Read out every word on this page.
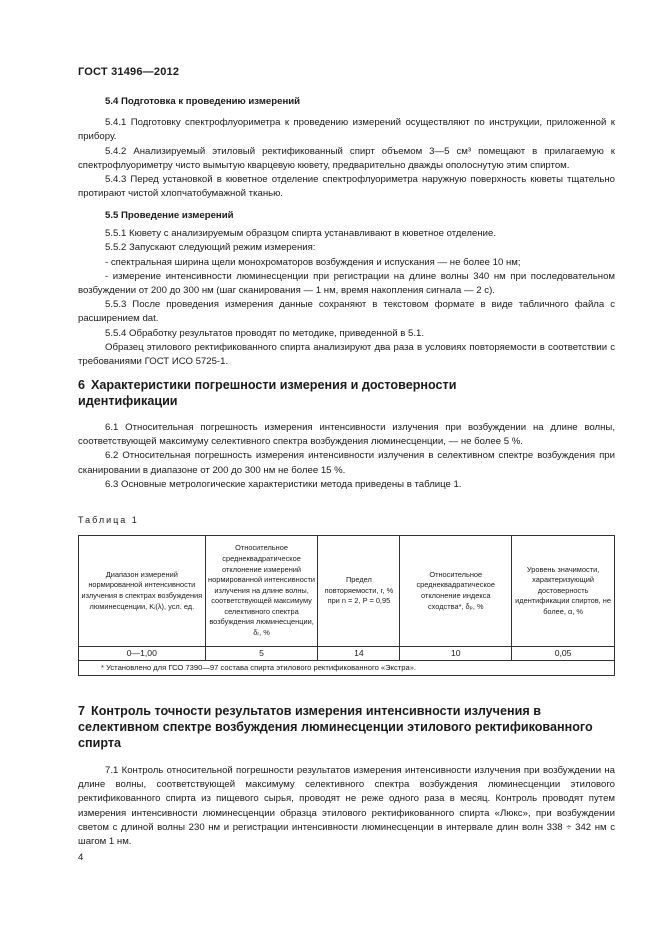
ГОСТ 31496—2012

5.4 Подготовка к проведению измерений

5.4.1 Подготовку спектрофлуориметра к проведению измерений осуществляют по инструкции, приложенной к прибору.

5.4.2 Анализируемый этиловый ректификованный спирт объемом 3—5 см³ помещают в прилагаемую к спектрофлуориметру чисто вымытую кварцевую кювету, предварительно дважды ополоснутую этим спиртом.

5.4.3 Перед установкой в кюветное отделение спектрофлуориметра наружную поверхность кюветы тщательно протирают чистой хлопчатобумажной тканью.

5.5 Проведение измерений

5.5.1 Кювету с анализируемым образцом спирта устанавливают в кюветное отделение.

5.5.2 Запускают следующий режим измерения:

- спектральная ширина щели монохроматоров возбуждения и испускания — не более 10 нм;

- измерение интенсивности люминесценции при регистрации на длине волны 340 нм при последовательном возбуждении от 200 до 300 нм (шаг сканирования — 1 нм, время накопления сигнала — 2 с).

5.5.3 После проведения измерения данные сохраняют в текстовом формате в виде табличного файла с расширением dat.

5.5.4 Обработку результатов проводят по методике, приведенной в 5.1.

Образец этилового ректификованного спирта анализируют два раза в условиях повторяемости в соответствии с требованиями ГОСТ ИСО 5725-1.

6 Характеристики погрешности измерения и достоверности идентификации

6.1 Относительная погрешность измерения интенсивности излучения при возбуждении на длине волны, соответствующей максимуму селективного спектра возбуждения люминесценции, — не более 5 %.

6.2 Относительная погрешность измерения интенсивности излучения в селективном спектре возбуждения при сканировании в диапазоне от 200 до 300 нм не более 15 %.

6.3 Основные метрологические характеристики метода приведены в таблице 1.

Таблица 1
Диапазон измерений нормированной интенсивности излучения в спектрах возбуждения люминесценции, Kᵢ(λ), усл. ед.	Относительное среднеквадратическое отклонение измерений нормированной интенсивности излучения на длине волны, соответствующей максимуму селективного спектра возбуждения люминесценции, δᵣ, %	Предел повторяемости, r, % при n = 2, P = 0,95	Относительное среднеквадратическое отклонение индекса сходства*, δₚ, %	Уровень значимости, характеризующий достоверность идентификации спиртов, не более, α, %
0—1,00	5	14	10	0,05
* Установлено для ГСО 7390—97 состава спирта этилового ректификованного «Экстра».				
7 Контроль точности результатов измерения интенсивности излучения в селективном спектре возбуждения люминесценции этилового ректификованного спирта

7.1 Контроль относительной погрешности результатов измерения интенсивности излучения при возбуждении на длине волны, соответствующей максимуму селективного спектра возбуждения люминесценции этилового ректификованного спирта из пищевого сырья, проводят не реже одного раза в месяц. Контроль проводят путем измерения интенсивности люминесценции образца этилового ректификованного спирта «Люкс», при возбуждении светом с длиной волны 230 нм и регистрации интенсивности люминесценции в интервале длин волн 338 ÷ 342 нм с шагом 1 нм.

4
